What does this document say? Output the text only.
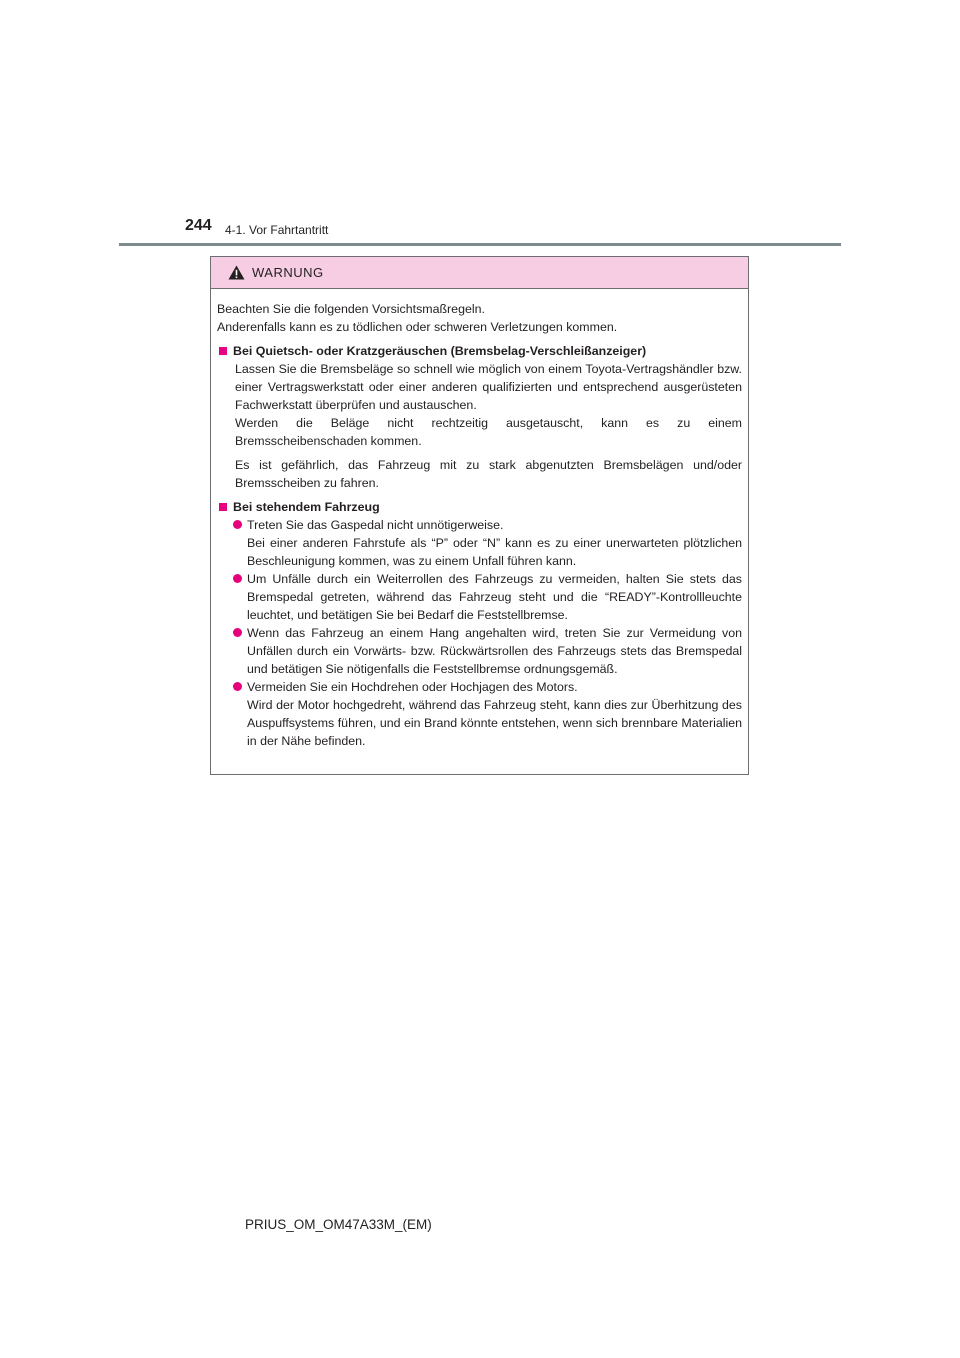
244 4-1. Vor Fahrtantritt
WARNUNG

Beachten Sie die folgenden Vorsichtsmaßregeln.
Anderenfalls kann es zu tödlichen oder schweren Verletzungen kommen.

Bei Quietsch- oder Kratzgeräuschen (Bremsbelag-Verschleißanzeiger)

Lassen Sie die Bremsbeläge so schnell wie möglich von einem Toyota-Vertragshändler bzw. einer Vertragswerkstatt oder einer anderen qualifizierten und entsprechend ausgerüsteten Fachwerkstatt überprüfen und austauschen.
Werden die Beläge nicht rechtzeitig ausgetauscht, kann es zu einem Bremsscheibenschaden kommen.

Es ist gefährlich, das Fahrzeug mit zu stark abgenutzten Bremsbelägen und/oder Bremsscheiben zu fahren.

Bei stehendem Fahrzeug

Treten Sie das Gaspedal nicht unnötigerweise.
Bei einer anderen Fahrstufe als “P” oder “N” kann es zu einer unerwarteten plötzlichen Beschleunigung kommen, was zu einem Unfall führen kann.

Um Unfälle durch ein Weiterrollen des Fahrzeugs zu vermeiden, halten Sie stets das Bremspedal getreten, während das Fahrzeug steht und die “READY”-Kontrollleuchte leuchtet, und betätigen Sie bei Bedarf die Feststellbremse.

Wenn das Fahrzeug an einem Hang angehalten wird, treten Sie zur Vermeidung von Unfällen durch ein Vorwärts- bzw. Rückwärtsrollen des Fahrzeugs stets das Bremspedal und betätigen Sie nötigenfalls die Feststellbremse ordnungsgemäß.

Vermeiden Sie ein Hochdrehen oder Hochjagen des Motors.
Wird der Motor hochgedreht, während das Fahrzeug steht, kann dies zur Überhitzung des Auspuffsystems führen, und ein Brand könnte entstehen, wenn sich brennbare Materialien in der Nähe befinden.

PRIUS_OM_OM47A33M_(EM)
